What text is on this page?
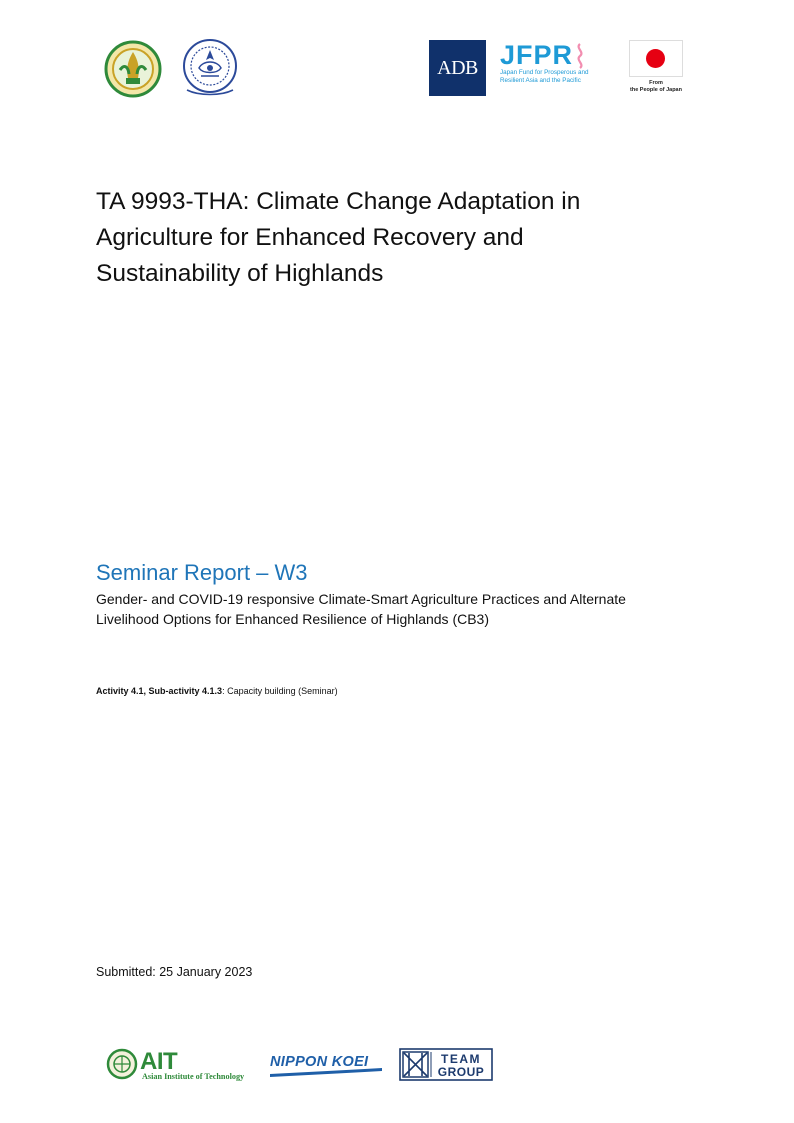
ADB JFPR
Japan Fund for Prosperous and
Resilient Asia and the Pacific	From
the People of Japan
TA 9993-THA: Climate Change Adaptation in Agriculture for Enhanced Recovery and Sustainability of Highlands
Seminar Report – W3

Gender- and COVID-19 responsive Climate-Smart Agriculture Practices and Alternate Livelihood Options for Enhanced Resilience of Highlands (CB3)

Activity 4.1, Sub-activity 4.1.3: Capacity building (Seminar)
Submitted: 25 January 2023
AIT
Asian Institute of Technology
NIPPON KOEI	TEAM
GROUP
